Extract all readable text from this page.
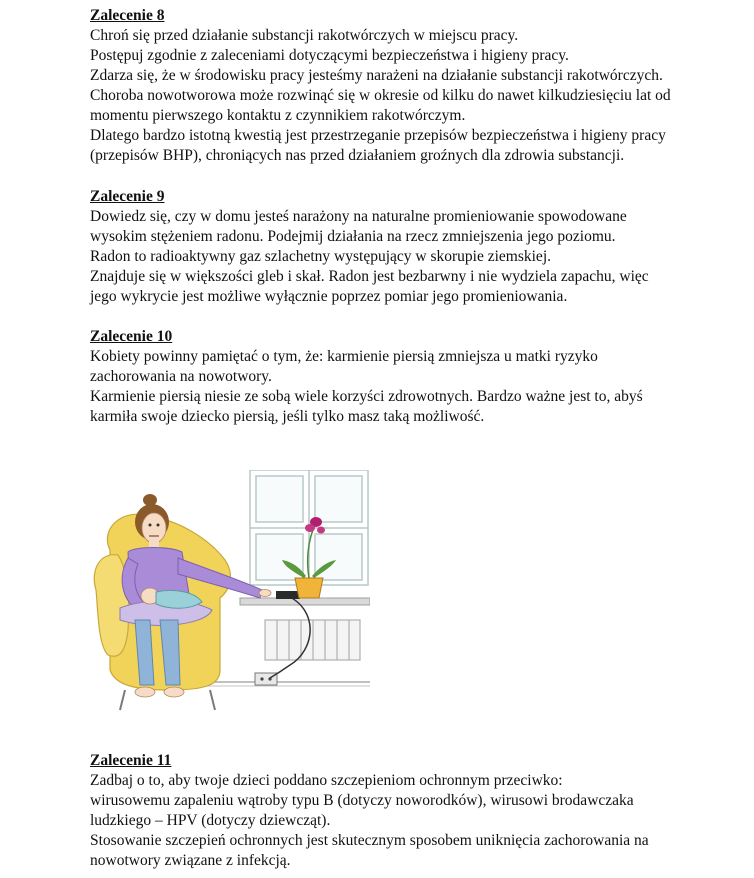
Zalecenie 8

Chroń się przed działanie substancji rakotwórczych w miejscu pracy.

Postępuj zgodnie z zaleceniami dotyczącymi bezpieczeństwa i higieny pracy.

Zdarza się, że w środowisku pracy jesteśmy narażeni na działanie substancji rakotwórczych.

Choroba nowotworowa może rozwinąć się w okresie od kilku do nawet kilkudziesięciu lat od

momentu pierwszego kontaktu z czynnikiem rakotwórczym.

Dlatego bardzo istotną kwestią jest przestrzeganie przepisów bezpieczeństwa i higieny pracy

(przepisów BHP), chroniących nas przed działaniem groźnych dla zdrowia substancji.

Zalecenie 9

Dowiedz się, czy w domu jesteś narażony na naturalne promieniowanie spowodowane

wysokim stężeniem radonu. Podejmij działania na rzecz zmniejszenia jego poziomu.

Radon to radioaktywny gaz szlachetny występujący w skorupie ziemskiej.

Znajduje się w większości gleb i skał. Radon jest bezbarwny i nie wydziela zapachu, więc

jego wykrycie jest możliwe wyłącznie poprzez pomiar jego promieniowania.

Zalecenie 10

Kobiety powinny pamiętać o tym, że: karmienie piersią zmniejsza u matki ryzyko

zachorowania na nowotwory.

Karmienie piersią niesie ze sobą wiele korzyści zdrowotnych. Bardzo ważne jest to, abyś

karmiła swoje dziecko piersią, jeśli tylko masz taką możliwość.

Zalecenie 11

Zadbaj o to, aby twoje dzieci poddano szczepieniom ochronnym przeciwko:

wirusowemu zapaleniu wątroby typu B (dotyczy noworodków), wirusowi brodawczaka

ludzkiego – HPV (dotyczy dziewcząt).

Stosowanie szczepień ochronnych jest skutecznym sposobem uniknięcia zachorowania na

nowotwory związane z infekcją.
